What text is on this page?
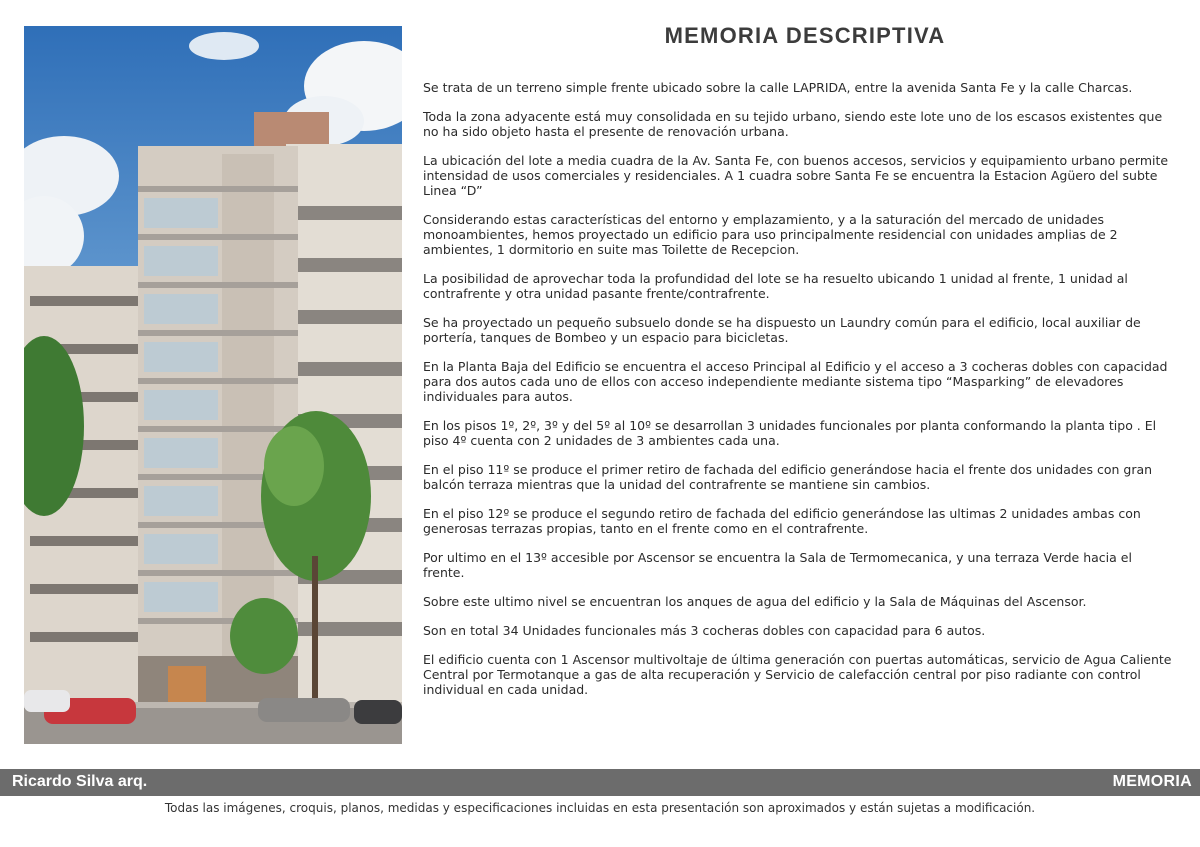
MEMORIA DESCRIPTIVA

Se trata de un terreno simple frente ubicado sobre la calle LAPRIDA, entre la avenida Santa Fe y la calle Charcas.

Toda la zona adyacente está muy consolidada en su tejido urbano, siendo este lote uno de los escasos existentes que no ha sido objeto hasta el presente de renovación urbana.

La ubicación del lote a media cuadra de la Av. Santa Fe, con buenos accesos, servicios y equipamiento urbano permite intensidad de usos comerciales y residenciales. A 1 cuadra sobre Santa Fe se encuentra la Estacion Agüero del subte Linea “D”

Considerando estas características del entorno y emplazamiento, y a la saturación del mercado de unidades monoambientes, hemos proyectado un edificio para uso principalmente residencial con unidades amplias de 2 ambientes, 1 dormitorio en suite mas Toilette de Recepcion.

La posibilidad de aprovechar toda la profundidad del lote se ha resuelto ubicando 1 unidad al frente, 1 unidad al contrafrente y otra unidad pasante frente/contrafrente.

Se ha proyectado un pequeño subsuelo donde se ha dispuesto un Laundry común para el edificio, local auxiliar de portería, tanques de Bombeo y un espacio para bicicletas.

En la Planta Baja del Edificio se encuentra el acceso Principal al Edificio y el acceso a 3 cocheras dobles con capacidad para dos autos cada uno de ellos con acceso independiente mediante sistema tipo “Masparking” de elevadores individuales para autos.

En los pisos 1º, 2º, 3º y del 5º al 10º se desarrollan 3 unidades funcionales por planta conformando la planta tipo . El piso 4º cuenta con 2 unidades de 3 ambientes cada una.

En el piso 11º se produce el primer retiro de fachada del edificio generándose hacia el frente dos unidades con gran balcón terraza mientras que la unidad del contrafrente se mantiene sin cambios.

En el piso 12º se produce el segundo retiro de fachada del edificio generándose las ultimas 2 unidades ambas con generosas terrazas propias, tanto en el frente como en el contrafrente.

Por ultimo en el 13º accesible por Ascensor se encuentra la Sala de Termomecanica, y una terraza Verde hacia el frente.

Sobre este ultimo nivel se encuentran los anques de agua del edificio y la Sala de Máquinas del Ascensor.

Son en total 34 Unidades funcionales más 3 cocheras dobles con capacidad para 6 autos.

El edificio cuenta con 1 Ascensor multivoltaje de última generación con puertas automáticas, servicio de Agua Caliente Central por Termotanque a gas de alta recuperación y Servicio de calefacción central por piso radiante con control individual en cada unidad.

Ricardo Silva arq.	MEMORIA
Todas las imágenes, croquis, planos, medidas y especificaciones incluidas en esta presentación son aproximados y están sujetas a modificación.
